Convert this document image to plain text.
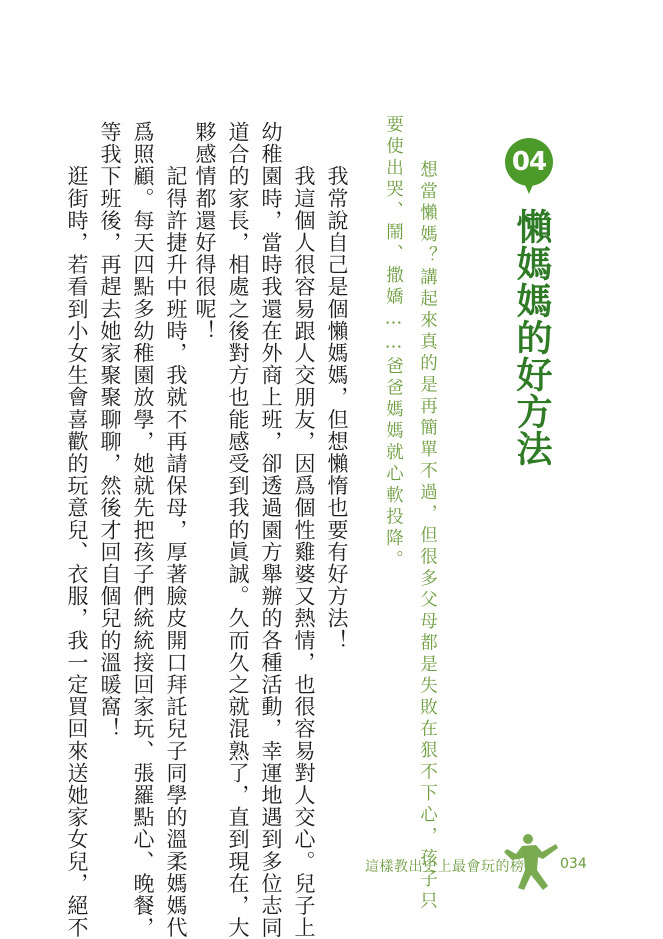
04
懶媽媽的好方法
想當懶媽？講起來真的是再簡單不過，但很多父母都是失敗在狠不下心，孩子只
要使出哭、鬧、撒嬌……爸爸媽媽就心軟投降。
　　我常說自己是個懶媽媽，但想懶惰也要有好方法！
　　我這個人很容易跟人交朋友，因爲個性雞婆又熱情，也很容易對人交心。兒子上
幼稚園時，當時我還在外商上班，卻透過園方舉辦的各種活動，幸運地遇到多位志同
道合的家長，相處之後對方也能感受到我的眞誠。久而久之就混熟了，直到現在，大
夥感情都還好得很呢！
　　記得許捷升中班時，我就不再請保母，厚著臉皮開口拜託兒子同學的溫柔媽媽代
爲照顧。每天四點多幼稚園放學，她就先把孩子們統統接回家玩、張羅點心、晚餐，
等我下班後，再趕去她家聚聚聊聊，然後才回自個兒的溫暖窩！
　　逛街時，若看到小女生會喜歡的玩意兒、衣服，我一定買回來送她家女兒，絕不	這樣教出史上最會玩的榜首 034
